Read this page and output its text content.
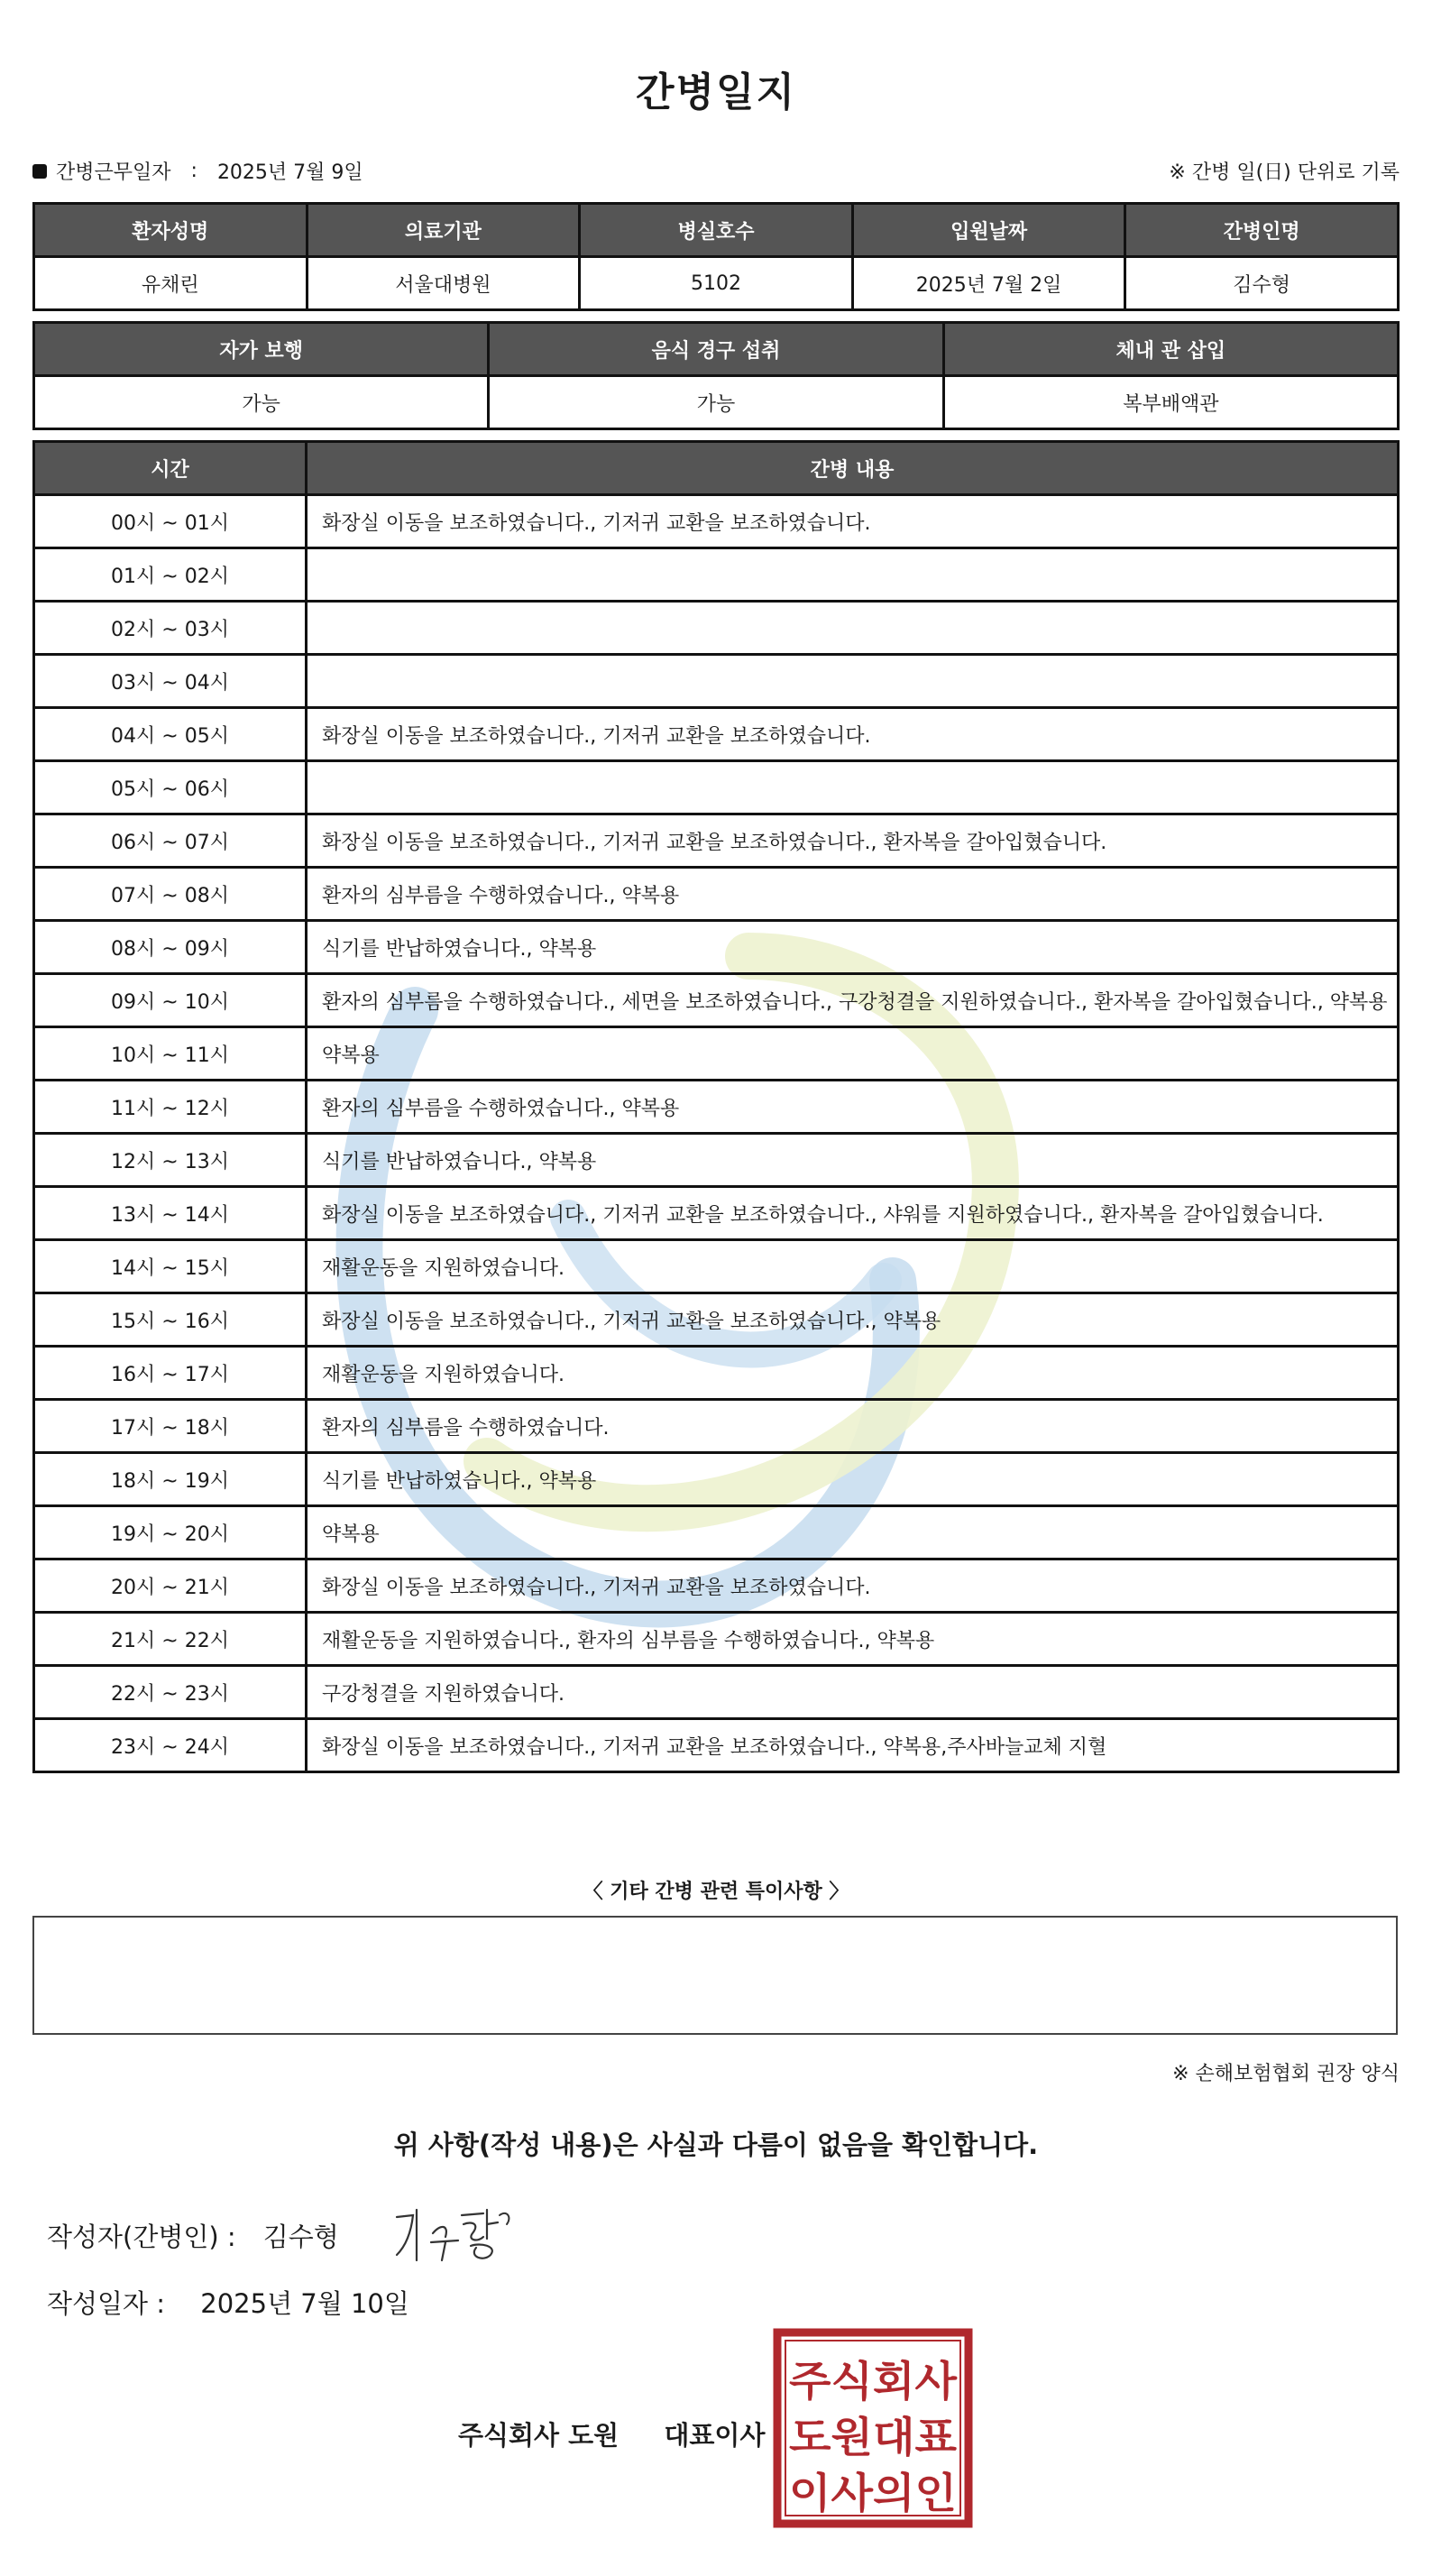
간병일지
간병근무일자 : 2025년 7월 9일	※ 간병 일(日) 단위로 기록
환자성명	의료기관	병실호수	입원날짜	간병인명
유채린	서울대병원	5102	2025년 7월 2일	김수형
자가 보행	음식 경구 섭취	체내 관 삽입
가능	가능	복부배액관
시간	간병 내용
00시 ~ 01시	화장실 이동을 보조하였습니다., 기저귀 교환을 보조하였습니다.
01시 ~ 02시	
02시 ~ 03시	
03시 ~ 04시	
04시 ~ 05시	화장실 이동을 보조하였습니다., 기저귀 교환을 보조하였습니다.
05시 ~ 06시	
06시 ~ 07시	화장실 이동을 보조하였습니다., 기저귀 교환을 보조하였습니다., 환자복을 갈아입혔습니다.
07시 ~ 08시	환자의 심부름을 수행하였습니다., 약복용
08시 ~ 09시	식기를 반납하였습니다., 약복용
09시 ~ 10시	환자의 심부름을 수행하였습니다., 세면을 보조하였습니다., 구강청결을 지원하였습니다., 환자복을 갈아입혔습니다., 약복용
10시 ~ 11시	약복용
11시 ~ 12시	환자의 심부름을 수행하였습니다., 약복용
12시 ~ 13시	식기를 반납하였습니다., 약복용
13시 ~ 14시	화장실 이동을 보조하였습니다., 기저귀 교환을 보조하였습니다., 샤워를 지원하였습니다., 환자복을 갈아입혔습니다.
14시 ~ 15시	재활운동을 지원하였습니다.
15시 ~ 16시	화장실 이동을 보조하였습니다., 기저귀 교환을 보조하였습니다., 약복용
16시 ~ 17시	재활운동을 지원하였습니다.
17시 ~ 18시	환자의 심부름을 수행하였습니다.
18시 ~ 19시	식기를 반납하였습니다., 약복용
19시 ~ 20시	약복용
20시 ~ 21시	화장실 이동을 보조하였습니다., 기저귀 교환을 보조하였습니다.
21시 ~ 22시	재활운동을 지원하였습니다., 환자의 심부름을 수행하였습니다., 약복용
22시 ~ 23시	구강청결을 지원하였습니다.
23시 ~ 24시	화장실 이동을 보조하였습니다., 기저귀 교환을 보조하였습니다., 약복용,주사바늘교체 지혈
〈 기타 간병 관련 특이사항 〉
※ 손해보험협회 권장 양식
위 사항(작성 내용)은 사실과 다름이 없음을 확인합니다.
작성자(간병인) : 김수형
작성일자 : 2025년 7월 10일
주식회사 도원 대표이사
주식회사
도원대표
이사의인
